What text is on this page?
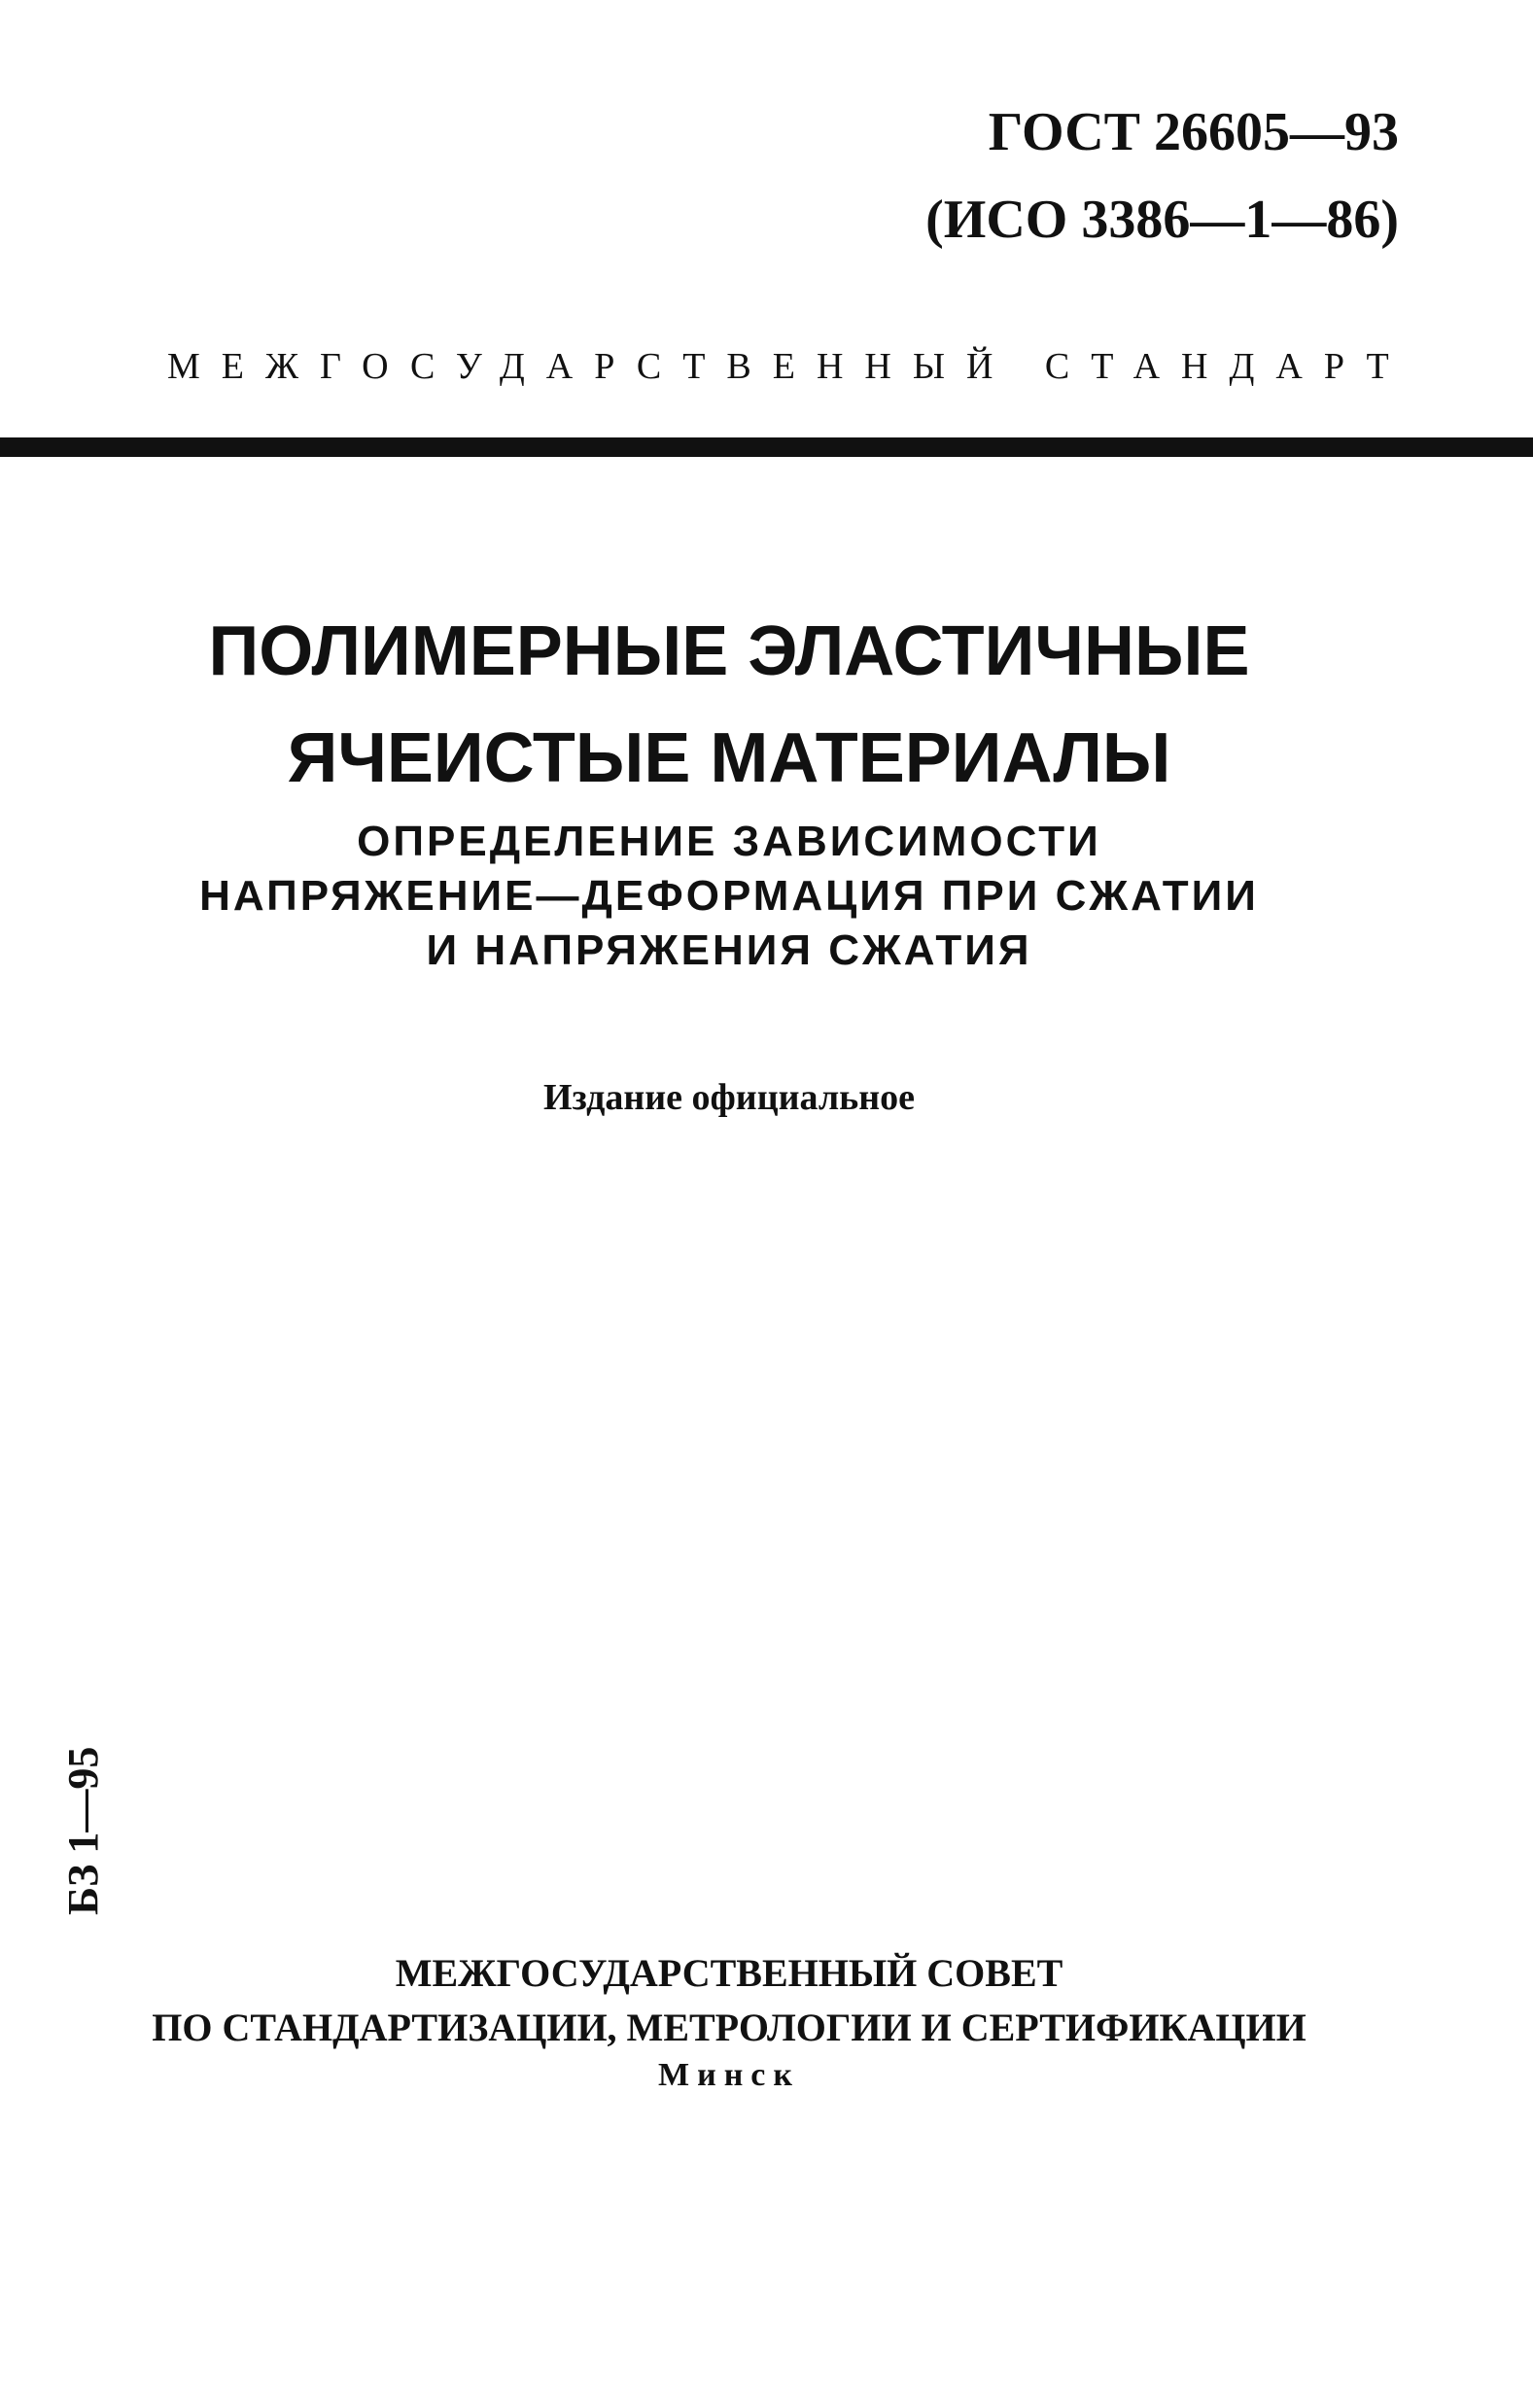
ГОСТ 26605—93
(ИСО 3386—1—86)
МЕЖГОСУДАРСТВЕННЫЙ СТАНДАРТ
ПОЛИМЕРНЫЕ ЭЛАСТИЧНЫЕ
ЯЧЕИСТЫЕ МАТЕРИАЛЫ
ОПРЕДЕЛЕНИЕ ЗАВИСИМОСТИ
НАПРЯЖЕНИЕ—ДЕФОРМАЦИЯ ПРИ СЖАТИИ
И НАПРЯЖЕНИЯ СЖАТИЯ
Издание официальное
БЗ 1—95
МЕЖГОСУДАРСТВЕННЫЙ СОВЕТ
ПО СТАНДАРТИЗАЦИИ, МЕТРОЛОГИИ И СЕРТИФИКАЦИИ
Минск
